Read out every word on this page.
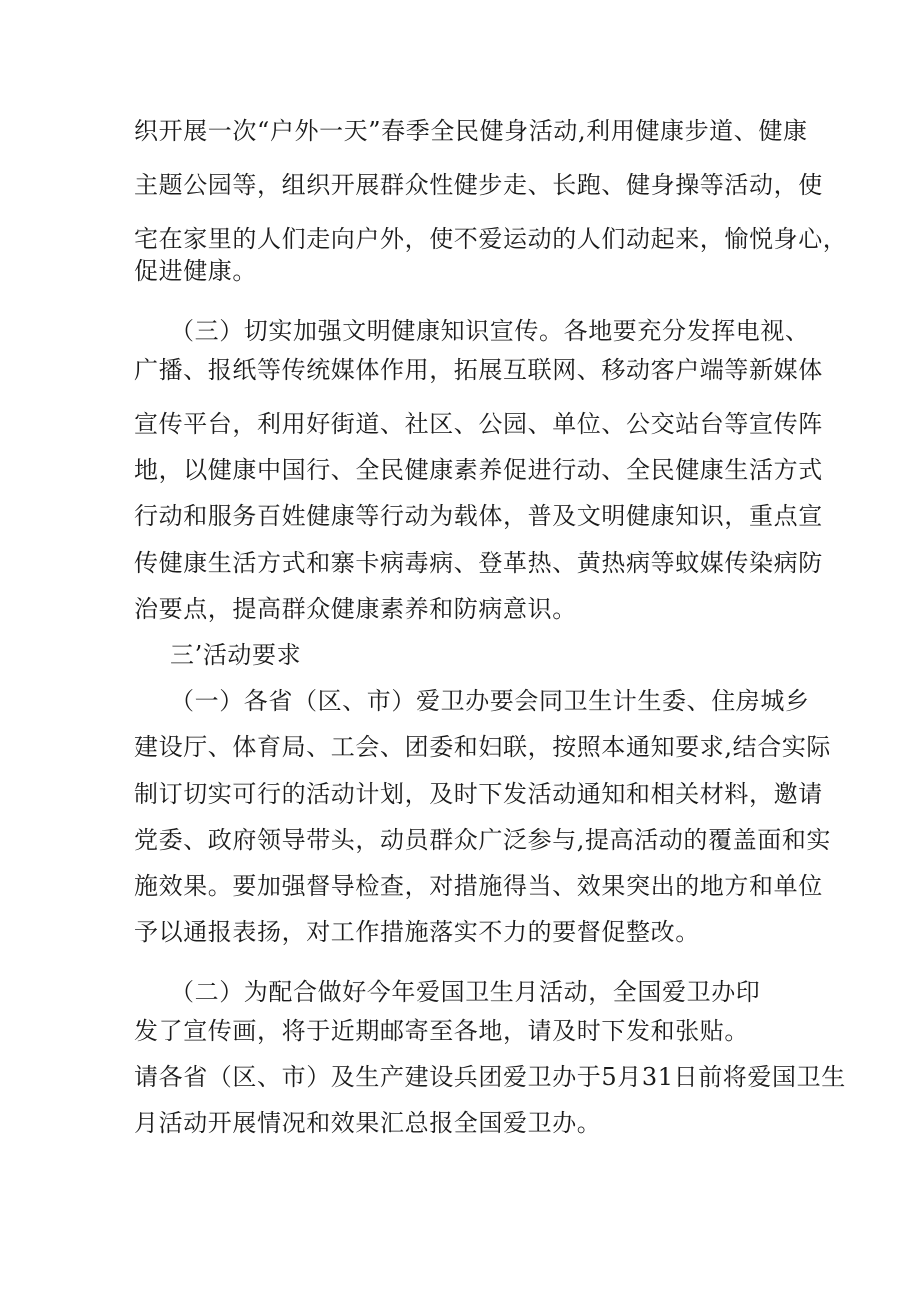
织开展一次“户外一天”春季全民健身活动,利用健康步道、健康
主题公园等，组织开展群众性健步走、长跑、健身操等活动，使
宅在家里的人们走向户外，使不爱运动的人们动起来，愉悦身心，
促进健康。
（三）切实加强文明健康知识宣传。各地要充分发挥电视、
广播、报纸等传统媒体作用，拓展互联网、移动客户端等新媒体
宣传平台，利用好街道、社区、公园、单位、公交站台等宣传阵
地，以健康中国行、全民健康素养促进行动、全民健康生活方式
行动和服务百姓健康等行动为载体，普及文明健康知识，重点宣
传健康生活方式和寨卡病毒病、登革热、黄热病等蚊媒传染病防
治要点，提高群众健康素养和防病意识。
三’活动要求
（一）各省（区、市）爱卫办要会同卫生计生委、住房城乡
建设厅、体育局、工会、团委和妇联，按照本通知要求,结合实际
制订切实可行的活动计划，及时下发活动通知和相关材料，邀请
党委、政府领导带头，动员群众广泛参与,提高活动的覆盖面和实
施效果。要加强督导检查，对措施得当、效果突出的地方和单位
予以通报表扬，对工作措施落实不力的要督促整改。
（二）为配合做好今年爱国卫生月活动，全国爱卫办印
发了宣传画，将于近期邮寄至各地，请及时下发和张贴。
请各省（区、市）及生产建设兵团爱卫办于5月31日前将爱国卫生
月活动开展情况和效果汇总报全国爱卫办。
